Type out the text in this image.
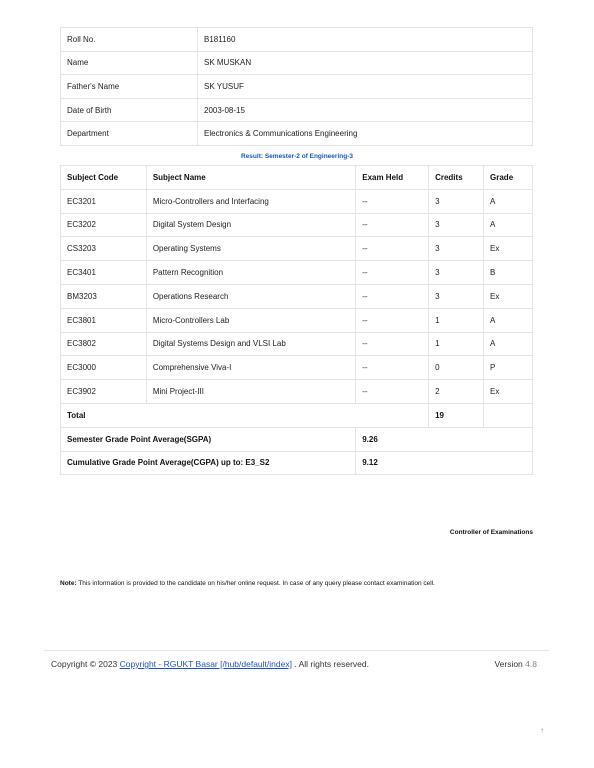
Roll No.	B181160
Name	SK MUSKAN
Father's Name	SK YUSUF
Date of Birth	2003-08-15
Department	Electronics & Communications Engineering
Result: Semester-2 of Engineering-3
Subject Code	Subject Name	Exam Held	Credits	Grade
EC3201	Micro-Controllers and Interfacing	--	3	A
EC3202	Digital System Design	--	3	A
CS3203	Operating Systems	--	3	Ex
EC3401	Pattern Recognition	--	3	B
BM3203	Operations Research	--	3	Ex
EC3801	Micro-Controllers Lab	--	1	A
EC3802	Digital Systems Design and VLSI Lab	--	1	A
EC3000	Comprehensive Viva-I	--	0	P
EC3902	Mini Project-III	--	2	Ex
Total			19	
Semester Grade Point Average(SGPA)		9.26		
Cumulative Grade Point Average(CGPA) up to: E3_S2		9.12		
Controller of Examinations
Note: This information is provided to the candidate on his/her online request. In case of any query please contact examination cell.
Copyright © 2023 Copyright - RGUKT Basar [/hub/default/index] . All rights reserved.	Version 4.8
↑
